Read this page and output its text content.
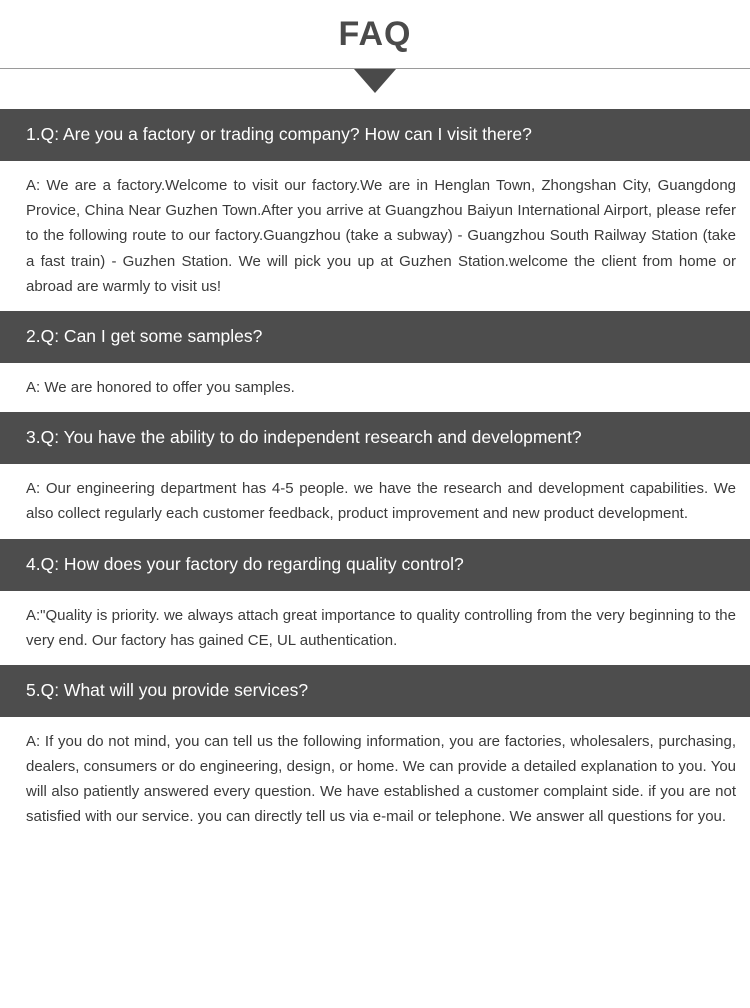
FAQ
1.Q: Are you a factory or trading company? How can I visit there?
A: We are a factory.Welcome to visit our factory.We are in Henglan Town, Zhongshan City, Guangdong Provice, China Near Guzhen Town.After you arrive at Guangzhou Baiyun International Airport, please refer to the following route to our factory.Guangzhou (take a subway) - Guangzhou South Railway Station (take a fast train) - Guzhen Station. We will pick you up at Guzhen Station.welcome the client from home or abroad are warmly to visit us!
2.Q: Can I get some samples?
A: We are honored to offer you samples.
3.Q: You have the ability to do independent research and development?
A: Our engineering department has 4-5 people. we have the research and development capabilities. We also collect regularly each customer feedback, product improvement and new product development.
4.Q: How does your factory do regarding quality control?
A:"Quality is priority. we always attach great importance to quality controlling from the very beginning to the very end. Our factory has gained CE, UL authentication.
5.Q: What will you provide services?
A: If you do not mind, you can tell us the following information, you are factories, wholesalers, purchasing, dealers, consumers or do engineering, design, or home. We can provide a detailed explanation to you. You will also patiently answered every question. We have established a customer complaint side. if you are not satisfied with our service. you can directly tell us via e-mail or telephone. We answer all questions for you.
